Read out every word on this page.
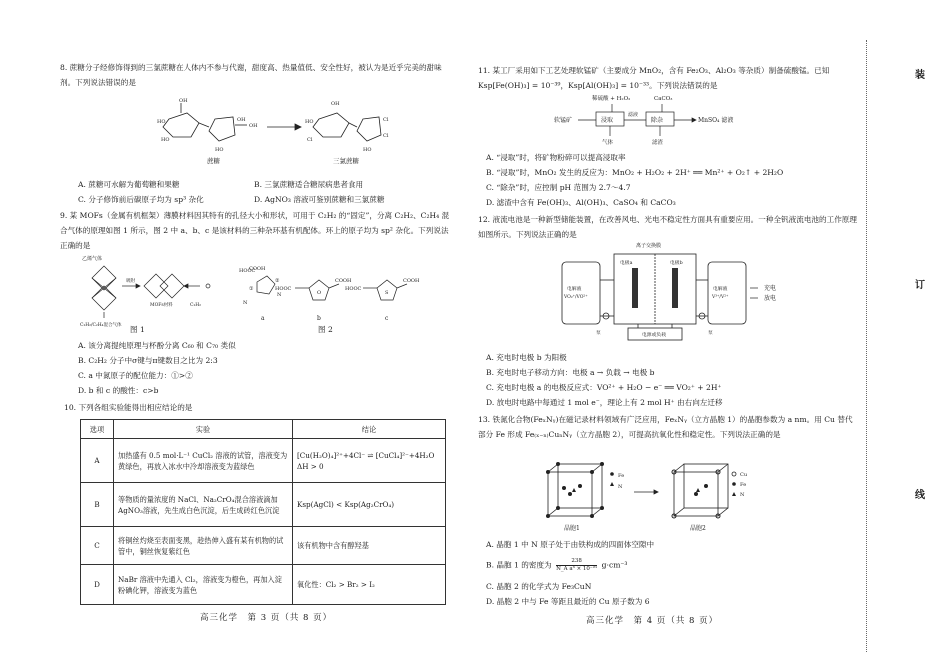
8. 蔗糖分子经修饰得到的三氯蔗糖在人体内不参与代谢，甜度高、热量值低、安全性好，被认为是近乎完美的甜味剂。下列说法错误的是

OH
HO
HO
OH
OH
HO
HO
OH
Cl
Cl
Cl
HO
蔗糖	三氯蔗糖
A. 蔗糖可水解为葡萄糖和果糖	B. 三氯蔗糖适合糖尿病患者食用
C. 分子修饰前后碳原子均为 sp³ 杂化	D. AgNO₃ 溶液可鉴别蔗糖和三氯蔗糖

9. 某 MOFs（金属有机框架）薄膜材料因其特有的孔径大小和形状，可用于 C₂H₂ 的“固定”，分离 C₂H₂、C₂H₄ 混合气体的原理如图 1 所示，图 2 中 a、b、c 是该材料的三种杂环基有机配体。环上的原子均为 sp² 杂化。下列说法正确的是

乙烯气体
吸附
MOFs材料	C₂H₂
C₂H₂/C₂H₄混合气体
COOH
HOOC
N
N
②
①	HOOC
COOH
HOOC
COOH
O	S
a	b	c
图 1	图 2
A. 该分离提纯原理与杯酚分离 C₆₀ 和 C₇₀ 类似
B. C₂H₂ 分子中σ键与π键数目之比为 2:3
C. a 中氮原子的配位能力：①>②
D. b 和 c 的酸性：c>b
10. 下列各组实验能得出相应结论的是
选项	实验	结论
A	加热盛有 0.5 mol·L⁻¹ CuCl₂ 溶液的试管，溶液变为黄绿色，再放入冰水中冷却溶液变为蓝绿色	[Cu(H₂O)₄]²⁺+4Cl⁻ ⇌ [CuCl₄]²⁻+4H₂O ΔH > 0
B	等物质的量浓度的 NaCl、Na₂CrO₄混合溶液滴加AgNO₃溶液，先生成白色沉淀，后生成砖红色沉淀	Ksp(AgCl) < Ksp(Ag₂CrO₄)
C	将铜丝灼烧至表面变黑，趁热伸入盛有某有机物的试管中，铜丝恢复紫红色	该有机物中含有醇羟基
D	NaBr 溶液中先通入 Cl₂，溶液变为橙色，再加入淀粉碘化钾，溶液变为蓝色	氧化性：Cl₂ > Br₂ > I₂
高三化学　第 3 页（共 8 页）

11. 某工厂采用如下工艺处理软锰矿（主要成分 MnO₂，含有 Fe₂O₃、Al₂O₃ 等杂质）制备硫酸锰。已知 Ksp[Fe(OH)₃] = 10⁻³⁹，Ksp[Al(OH)₃] = 10⁻³³。下列说法错误的是

稀硫酸 + H₂O₂	CaCO₃
软锰矿	浸取	除杂
滤液
MnSO₄ 滤液
气体	滤渣
A. “浸取”时，将矿物粉碎可以提高浸取率
B. “浸取”时，MnO₂ 发生的反应为：MnO₂ + H₂O₂ + 2H⁺ ══ Mn²⁺ + O₂↑ + 2H₂O
C. “除杂”时，应控制 pH 范围为 2.7～4.7
D. 滤渣中含有 Fe(OH)₃、Al(OH)₃、CaSO₄ 和 CaCO₃

12. 液流电池是一种新型储能装置，在改善风电、光电不稳定性方面具有重要应用。一种全钒液流电池的工作原理如图所示。下列说法正确的是

离子交换膜
电极a	电极b
电解液
VO₂⁺/VO²⁺
电解液
V³⁺/V²⁺
电源或负载
泵	泵
充电
放电
A. 充电时电极 b 为阳极
B. 充电时电子移动方向：电极 a → 负载 → 电极 b
C. 充电时电极 a 的电极反应式：VO²⁺ + H₂O − e⁻ ══ VO₂⁺ + 2H⁺
D. 放电时电路中每通过 1 mol e⁻，理论上有 2 mol H⁺ 由右向左迁移

13. 铁氮化合物(FeₓNᵧ)在磁记录材料领域有广泛应用，FeₓNᵧ（立方晶胞 1）的晶胞参数为 a nm。用 Cu 替代部分 Fe 形成 Fe₍ₓ₋ₙ₎CuₙNᵧ（立方晶胞 2），可提高抗氧化性和稳定性。下列说法正确的是

Fe
N
Cu
Fe
N
晶胞1	晶胞2
A. 晶胞 1 中 N 原子处于由铁构成的四面体空隙中
B. 晶胞 1 的密度为 $\frac{238}{\text{N\_A a³ × 10⁻²¹}} g\cdot cm^{-3}$
C. 晶胞 2 的化学式为 Fe₃CuN
D. 晶胞 2 中与 Fe 等距且最近的 Cu 原子数为 6
高三化学　第 4 页（共 8 页）
装
订
线
